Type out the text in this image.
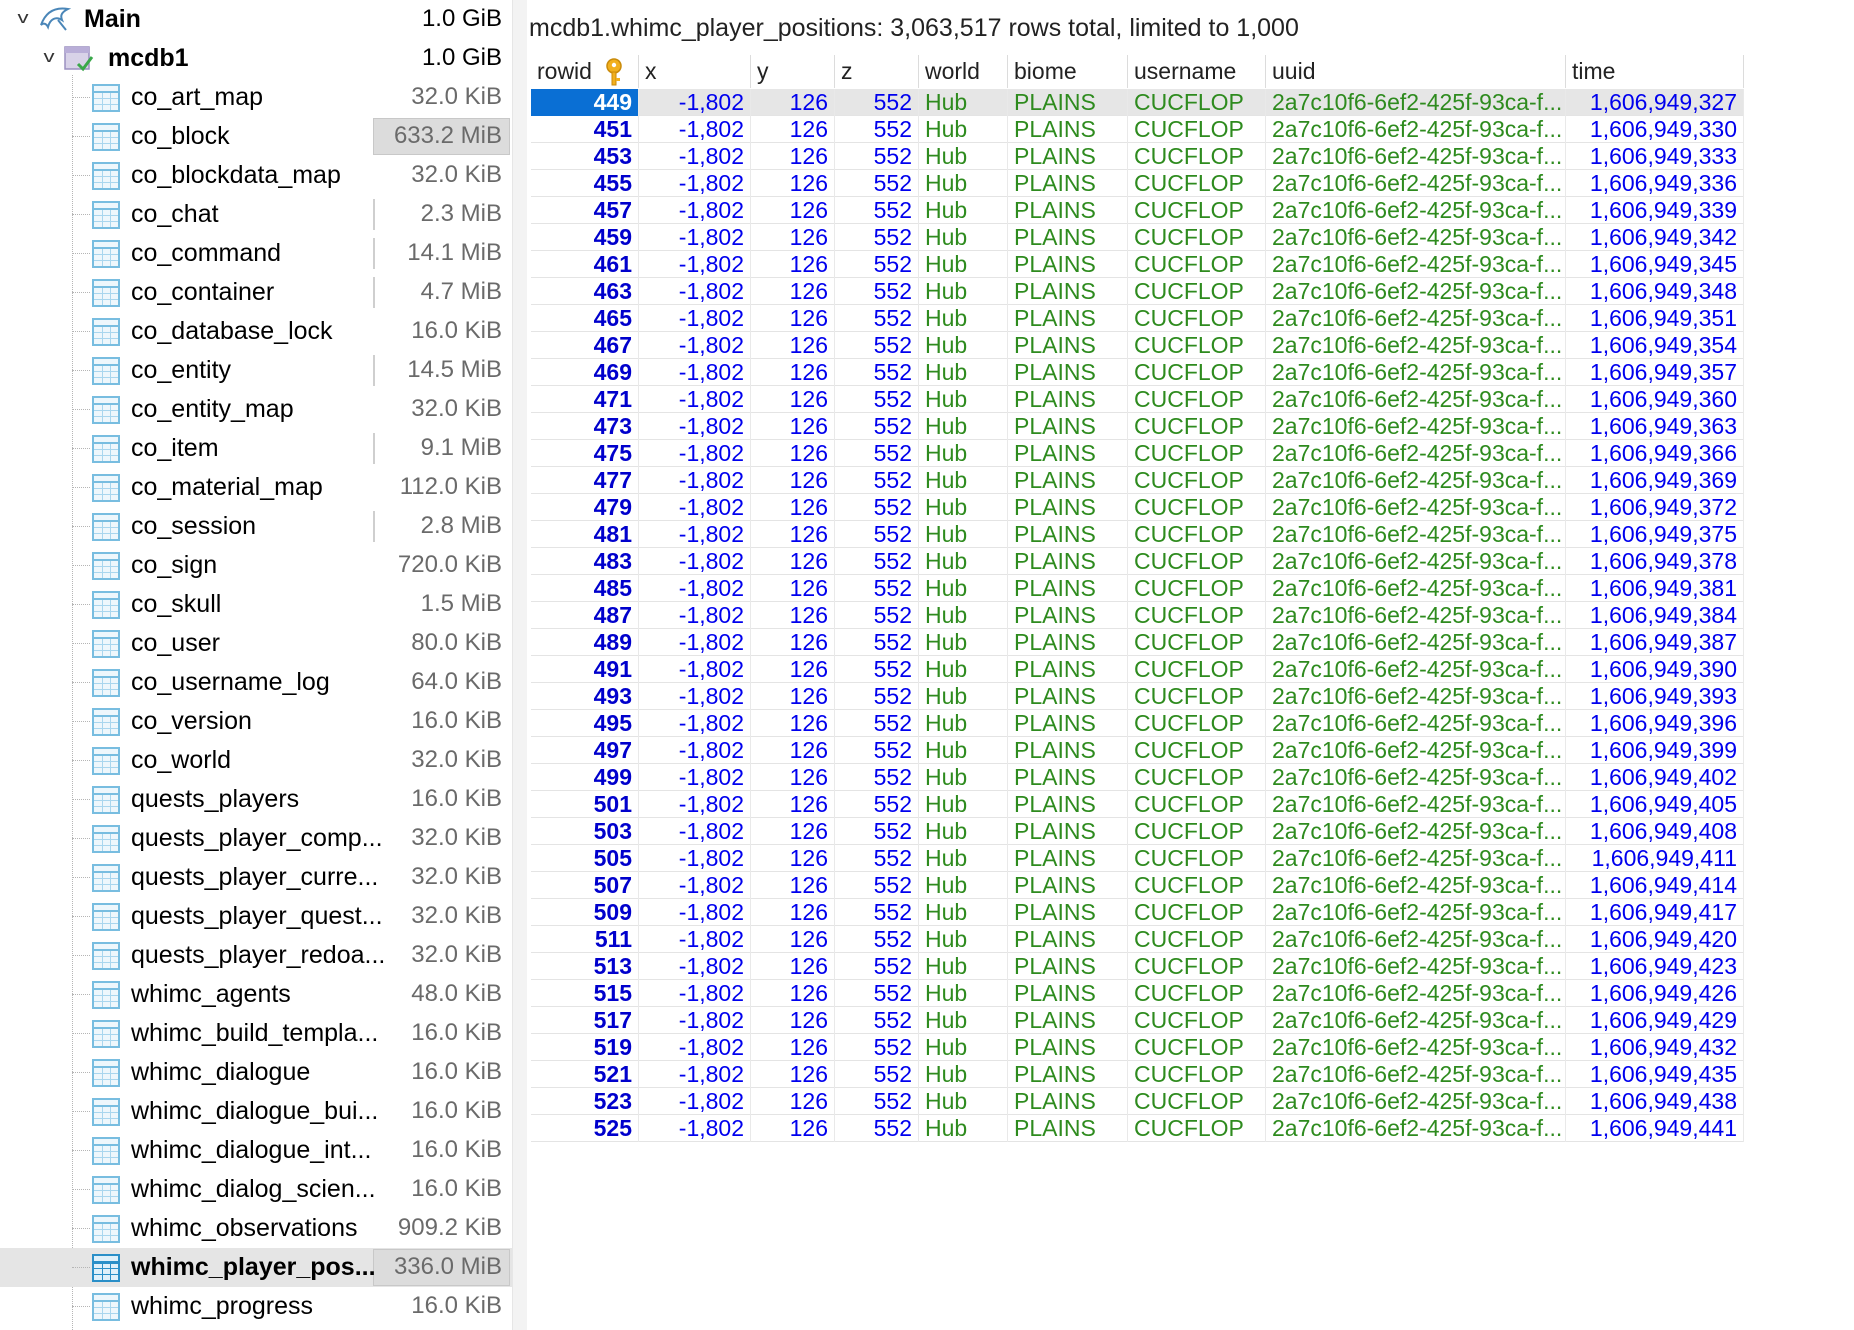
v	Main	1.0 GiB
v	mcdb1	1.0 GiB
co_art_map	32.0 KiB
co_block	633.2 MiB
co_blockdata_map	32.0 KiB
co_chat	2.3 MiB
co_command	14.1 MiB
co_container	4.7 MiB
co_database_lock	16.0 KiB
co_entity	14.5 MiB
co_entity_map	32.0 KiB
co_item	9.1 MiB
co_material_map	112.0 KiB
co_session	2.8 MiB
co_sign	720.0 KiB
co_skull	1.5 MiB
co_user	80.0 KiB
co_username_log	64.0 KiB
co_version	16.0 KiB
co_world	32.0 KiB
quests_players	16.0 KiB
quests_player_comp... 32.0 KiB
quests_player_curre... 32.0 KiB
quests_player_quest... 32.0 KiB
quests_player_redoa... 32.0 KiB
whimc_agents	48.0 KiB
whimc_build_templa... 16.0 KiB
whimc_dialogue	16.0 KiB
whimc_dialogue_bui... 16.0 KiB
whimc_dialogue_int... 16.0 KiB
whimc_dialog_scien... 16.0 KiB
whimc_observations 909.2 KiB
whimc_player_pos... 336.0 MiB
whimc_progress	16.0 KiB
mcdb1.whimc_player_positions: 3,063,517 rows total, limited to 1,000
rowid	x	y	z	world	biome	username	uuid	time
449	-1,802	126	552 Hub	PLAINS	CUCFLOP	2a7c10f6-6ef2-425f-93ca-f...	1,606,949,327
451	-1,802	126	552 Hub	PLAINS	CUCFLOP	2a7c10f6-6ef2-425f-93ca-f...	1,606,949,330
453	-1,802	126	552 Hub	PLAINS	CUCFLOP	2a7c10f6-6ef2-425f-93ca-f...	1,606,949,333
455	-1,802	126	552 Hub	PLAINS	CUCFLOP	2a7c10f6-6ef2-425f-93ca-f...	1,606,949,336
457	-1,802	126	552 Hub	PLAINS	CUCFLOP	2a7c10f6-6ef2-425f-93ca-f...	1,606,949,339
459	-1,802	126	552 Hub	PLAINS	CUCFLOP	2a7c10f6-6ef2-425f-93ca-f...	1,606,949,342
461	-1,802	126	552 Hub	PLAINS	CUCFLOP	2a7c10f6-6ef2-425f-93ca-f...	1,606,949,345
463	-1,802	126	552 Hub	PLAINS	CUCFLOP	2a7c10f6-6ef2-425f-93ca-f...	1,606,949,348
465	-1,802	126	552 Hub	PLAINS	CUCFLOP	2a7c10f6-6ef2-425f-93ca-f...	1,606,949,351
467	-1,802	126	552 Hub	PLAINS	CUCFLOP	2a7c10f6-6ef2-425f-93ca-f...	1,606,949,354
469	-1,802	126	552 Hub	PLAINS	CUCFLOP	2a7c10f6-6ef2-425f-93ca-f...	1,606,949,357
471	-1,802	126	552 Hub	PLAINS	CUCFLOP	2a7c10f6-6ef2-425f-93ca-f...	1,606,949,360
473	-1,802	126	552 Hub	PLAINS	CUCFLOP	2a7c10f6-6ef2-425f-93ca-f...	1,606,949,363
475	-1,802	126	552 Hub	PLAINS	CUCFLOP	2a7c10f6-6ef2-425f-93ca-f...	1,606,949,366
477	-1,802	126	552 Hub	PLAINS	CUCFLOP	2a7c10f6-6ef2-425f-93ca-f...	1,606,949,369
479	-1,802	126	552 Hub	PLAINS	CUCFLOP	2a7c10f6-6ef2-425f-93ca-f...	1,606,949,372
481	-1,802	126	552 Hub	PLAINS	CUCFLOP	2a7c10f6-6ef2-425f-93ca-f...	1,606,949,375
483	-1,802	126	552 Hub	PLAINS	CUCFLOP	2a7c10f6-6ef2-425f-93ca-f...	1,606,949,378
485	-1,802	126	552 Hub	PLAINS	CUCFLOP	2a7c10f6-6ef2-425f-93ca-f...	1,606,949,381
487	-1,802	126	552 Hub	PLAINS	CUCFLOP	2a7c10f6-6ef2-425f-93ca-f...	1,606,949,384
489	-1,802	126	552 Hub	PLAINS	CUCFLOP	2a7c10f6-6ef2-425f-93ca-f...	1,606,949,387
491	-1,802	126	552 Hub	PLAINS	CUCFLOP	2a7c10f6-6ef2-425f-93ca-f...	1,606,949,390
493	-1,802	126	552 Hub	PLAINS	CUCFLOP	2a7c10f6-6ef2-425f-93ca-f...	1,606,949,393
495	-1,802	126	552 Hub	PLAINS	CUCFLOP	2a7c10f6-6ef2-425f-93ca-f...	1,606,949,396
497	-1,802	126	552 Hub	PLAINS	CUCFLOP	2a7c10f6-6ef2-425f-93ca-f...	1,606,949,399
499	-1,802	126	552 Hub	PLAINS	CUCFLOP	2a7c10f6-6ef2-425f-93ca-f...	1,606,949,402
501	-1,802	126	552 Hub	PLAINS	CUCFLOP	2a7c10f6-6ef2-425f-93ca-f...	1,606,949,405
503	-1,802	126	552 Hub	PLAINS	CUCFLOP	2a7c10f6-6ef2-425f-93ca-f...	1,606,949,408
505	-1,802	126	552 Hub	PLAINS	CUCFLOP	2a7c10f6-6ef2-425f-93ca-f...	1,606,949,411
507	-1,802	126	552 Hub	PLAINS	CUCFLOP	2a7c10f6-6ef2-425f-93ca-f...	1,606,949,414
509	-1,802	126	552 Hub	PLAINS	CUCFLOP	2a7c10f6-6ef2-425f-93ca-f...	1,606,949,417
511	-1,802	126	552 Hub	PLAINS	CUCFLOP	2a7c10f6-6ef2-425f-93ca-f...	1,606,949,420
513	-1,802	126	552 Hub	PLAINS	CUCFLOP	2a7c10f6-6ef2-425f-93ca-f...	1,606,949,423
515	-1,802	126	552 Hub	PLAINS	CUCFLOP	2a7c10f6-6ef2-425f-93ca-f...	1,606,949,426
517	-1,802	126	552 Hub	PLAINS	CUCFLOP	2a7c10f6-6ef2-425f-93ca-f...	1,606,949,429
519	-1,802	126	552 Hub	PLAINS	CUCFLOP	2a7c10f6-6ef2-425f-93ca-f...	1,606,949,432
521	-1,802	126	552 Hub	PLAINS	CUCFLOP	2a7c10f6-6ef2-425f-93ca-f...	1,606,949,435
523	-1,802	126	552 Hub	PLAINS	CUCFLOP	2a7c10f6-6ef2-425f-93ca-f...	1,606,949,438
525	-1,802	126	552 Hub	PLAINS	CUCFLOP	2a7c10f6-6ef2-425f-93ca-f...	1,606,949,441
